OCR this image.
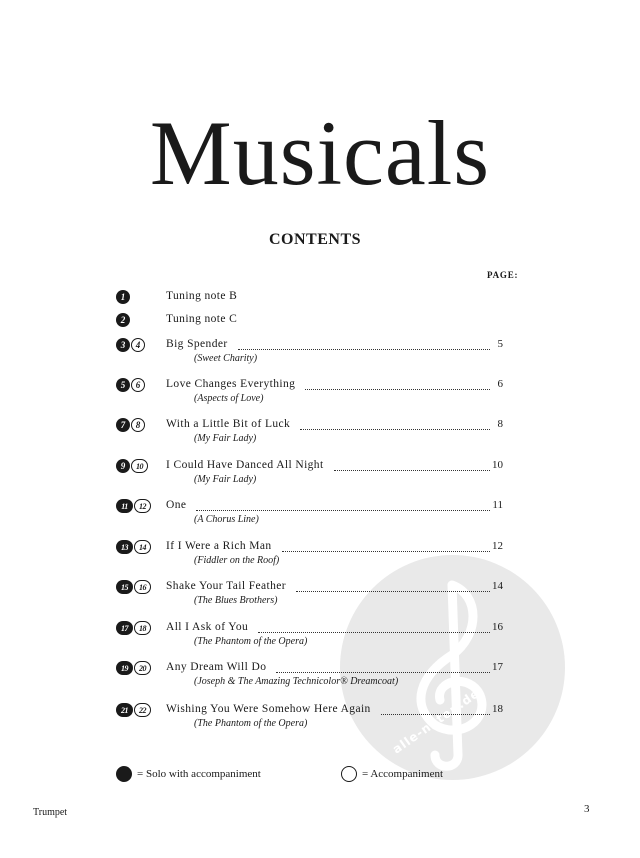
alle-noten.de
Musicals
CONTENTS
PAGE:
1	Tuning note B
2	Tuning note C
3	4	Big Spender	5
(Sweet Charity)
5	6	Love Changes Everything	6
(Aspects of Love)
7	8	With a Little Bit of Luck	8
(My Fair Lady)
9	10	I Could Have Danced All Night	10
(My Fair Lady)
11	12	One	11
(A Chorus Line)
13	14	If I Were a Rich Man	12
(Fiddler on the Roof)
15	16	Shake Your Tail Feather	14
(The Blues Brothers)
17	18	All I Ask of You	16
(The Phantom of the Opera)
19	20	Any Dream Will Do	17
(Joseph & The Amazing Technicolor® Dreamcoat)
21	22	Wishing You Were Somehow Here Again	18
(The Phantom of the Opera)
= Solo with accompaniment	= Accompaniment
Trumpet	3
